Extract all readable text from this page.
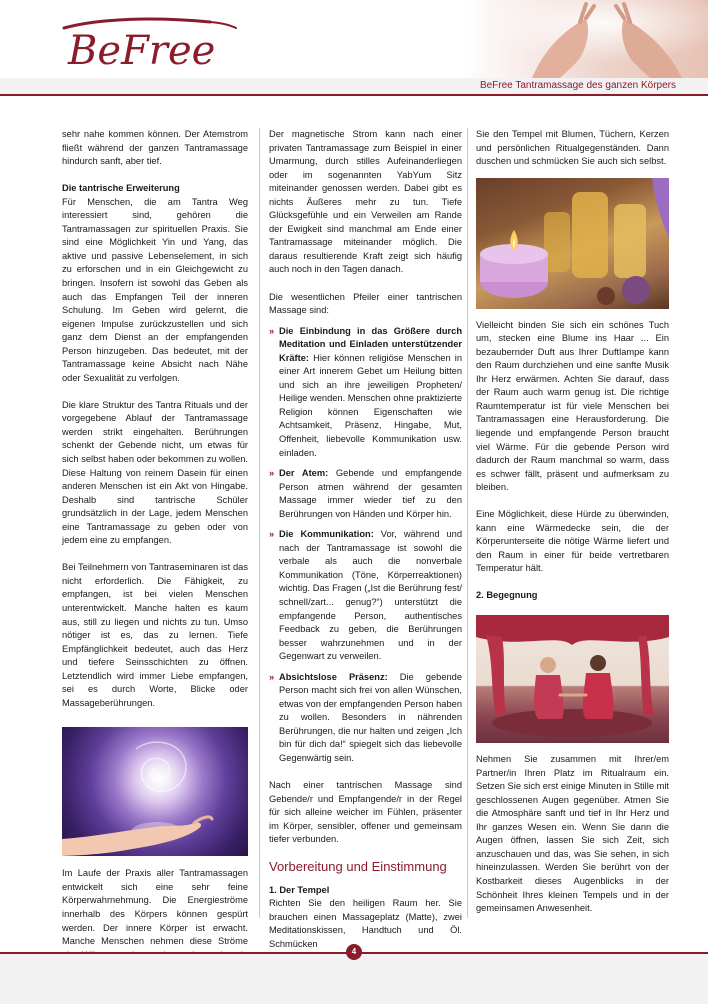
BeFree
BeFree Tantramassage des ganzen Körpers
sehr nahe kommen können. Der Atemstrom fließt während der ganzen Tantramassage hindurch sanft, aber tief.
Die tantrische Erweiterung
Für Menschen, die am Tantra Weg interessiert sind, gehören die Tantramassagen zur spirituellen Praxis. Sie sind eine Möglichkeit Yin und Yang, das aktive und passive Lebenselement, in sich zu erforschen und in ein Gleichgewicht zu bringen. Insofern ist sowohl das Geben als auch das Empfangen Teil der inneren Schulung. Im Geben wird gelernt, die eigenen Impulse zurückzustellen und sich ganz dem Dienst an der empfangenden Person hinzugeben. Das bedeutet, mit der Tantramassage keine Absicht nach Nähe oder Sexualität zu verfolgen.
Die klare Struktur des Tantra Rituals und der vorgegebene Ablauf der Tantramassage werden strikt eingehalten. Berührungen schenkt der Gebende nicht, um etwas für sich selbst haben oder bekommen zu wollen. Diese Haltung von reinem Dasein für einen anderen Menschen ist ein Akt von Hingabe. Deshalb sind tantrische Schüler grundsätzlich in der Lage, jedem Menschen eine Tantramassage zu geben oder von jedem eine zu empfangen.
Bei Teilnehmern von Tantraseminaren ist das nicht erforderlich. Die Fähigkeit, zu empfangen, ist bei vielen Menschen unterentwickelt. Manche halten es kaum aus, still zu liegen und nichts zu tun. Umso nötiger ist es, das zu lernen. Tiefe Empfänglichkeit bedeutet, auch das Herz und tiefere Seinsschichten zu öffnen. Letztendlich wird immer Liebe empfangen, sei es durch Worte, Blicke oder Massageberührungen.
Im Laufe der Praxis aller Tantramassagen entwickelt sich eine sehr feine Körperwahrnehmung. Die Energieströme innerhalb des Körpers können gespürt werden. Der innere Körper ist erwacht. Manche Menschen nehmen diese Ströme
Der magnetische Strom kann nach einer privaten Tantramassage zum Beispiel in einer Umarmung, durch stilles Aufeinanderliegen oder im sogenannten YabYum Sitz miteinander genossen werden. Dabei gibt es nichts Äußeres mehr zu tun. Tiefe Glücksgefühle und ein Verweilen am Rande der Ewigkeit sind manchmal am Ende einer Tantramassage miteinander möglich. Die daraus resultierende Kraft zeigt sich häufig auch noch in den Tagen danach.
Die wesentlichen Pfeiler einer tantrischen Massage sind:
» Die Einbindung in das Größere durch Meditation und Einladen unterstützender Kräfte: Hier können religiöse Menschen in einer Art innerem Gebet um Heilung bitten und sich an ihre jeweiligen Propheten/ Heilige wenden. Menschen ohne praktizierte Religion können Eigenschaften wie Achtsamkeit, Präsenz, Hingabe, Mut, Offenheit, liebevolle Kommunikation usw. einladen.
» Der Atem: Gebende und empfangende Person atmen während der gesamten Massage immer wieder tief zu den Berührungen von Händen und Körper hin.
» Die Kommunikation: Vor, während und nach der Tantramassage ist sowohl die verbale als auch die nonverbale Kommunikation (Töne, Körperreaktionen) wichtig. Das Fragen („Ist die Berührung fest/ schnell/zart... genug?“) unterstützt die empfangende Person, authentisches Feedback zu geben, die Berührungen besser wahrzunehmen und in der Gegenwart zu verweilen.
» Absichtslose Präsenz: Die gebende Person macht sich frei von allen Wünschen, etwas von der empfangenden Person haben zu wollen. Besonders in nährenden Berührungen, die nur halten und zeigen „Ich bin für dich da!“ spiegelt sich das liebevolle Gegenwärtig sein.
Nach einer tantrischen Massage sind Gebende/r und Empfangende/r in der Regel für sich alleine weicher im Fühlen, präsenter im Körper, sensibler, offener und gemeinsam tiefer verbunden.
Vorbereitung und Einstimmung
1. Der Tempel
Richten Sie den heiligen Raum her. Sie brauchen einen Massageplatz (Matte), zwei Meditationskissen, Handtuch und Öl. Schmücken
Sie den Tempel mit Blumen, Tüchern, Kerzen und persönlichen Ritualgegenständen. Dann duschen und schmücken Sie auch sich selbst.
Vielleicht binden Sie sich ein schönes Tuch um, stecken eine Blume ins Haar ... Ein bezaubernder Duft aus Ihrer Duftlampe kann den Raum durchziehen und eine sanfte Musik Ihr Herz erwärmen. Achten Sie darauf, dass der Raum auch warm genug ist. Die richtige Raumtemperatur ist für viele Menschen bei Tantramassagen eine Herausforderung. Die liegende und empfangende Person braucht viel Wärme. Für die gebende Person wird dadurch der Raum manchmal so warm, dass es schwer fällt, präsent und aufmerksam zu bleiben.
Eine Möglichkeit, diese Hürde zu überwinden, kann eine Wärmedecke sein, die der Körperunterseite die nötige Wärme liefert und den Raum in einer für beide vertretbaren Temperatur hält.
2. Begegnung
Nehmen Sie zusammen mit Ihrer/em Partner/in Ihren Platz im Ritualraum ein. Setzen Sie sich erst einige Minuten in Stille mit geschlossenen Augen gegenüber. Atmen Sie die Atmosphäre sanft und tief in Ihr Herz und Ihr ganzes Wesen ein. Wenn Sie dann die Augen öffnen, lassen Sie sich Zeit, sich anzuschauen und das, was Sie sehen, in sich hineinzulassen. Werden Sie berührt von der Kostbarkeit dieses Augenblicks in der Schönheit Ihres kleinen Tempels und in der gemeinsamen Anwesenheit.
4
